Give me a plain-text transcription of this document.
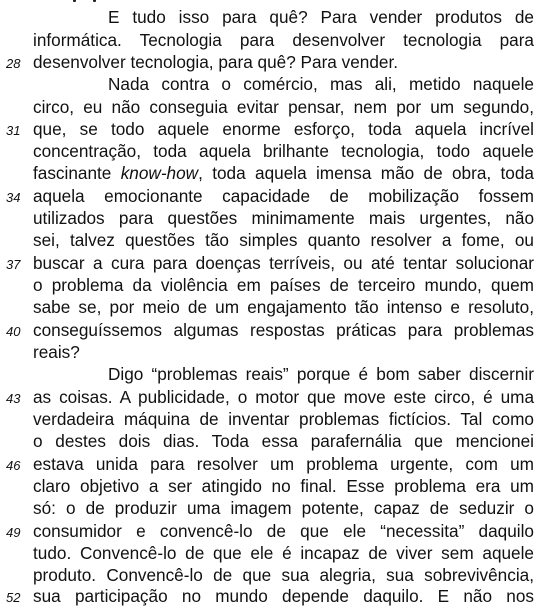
E tudo isso para quê? Para vender produtos de
informática. Tecnologia para desenvolver tecnologia para
28 desenvolver tecnologia, para quê? Para vender.
Nada contra o comércio, mas ali, metido naquele
circo, eu não conseguia evitar pensar, nem por um segundo,
31 que, se todo aquele enorme esforço, toda aquela incrível
concentração, toda aquela brilhante tecnologia, todo aquele
fascinante know-how, toda aquela imensa mão de obra, toda
34 aquela emocionante capacidade de mobilização fossem
utilizados para questões minimamente mais urgentes, não
sei, talvez questões tão simples quanto resolver a fome, ou
37 buscar a cura para doenças terríveis, ou até tentar solucionar
o problema da violência em países de terceiro mundo, quem
sabe se, por meio de um engajamento tão intenso e resoluto,
40 conseguíssemos algumas respostas práticas para problemas
reais?
Digo “problemas reais” porque é bom saber discernir
43 as coisas. A publicidade, o motor que move este circo, é uma
verdadeira máquina de inventar problemas fictícios. Tal como
o destes dois dias. Toda essa parafernália que mencionei
46 estava unida para resolver um problema urgente, com um
claro objetivo a ser atingido no final. Esse problema era um
só: o de produzir uma imagem potente, capaz de seduzir o
49 consumidor e convencê-lo de que ele “necessita” daquilo
tudo. Convencê-lo de que ele é incapaz de viver sem aquele
produto. Convencê-lo de que sua alegria, sua sobrevivência,
52 sua participação no mundo depende daquilo. E não nos
